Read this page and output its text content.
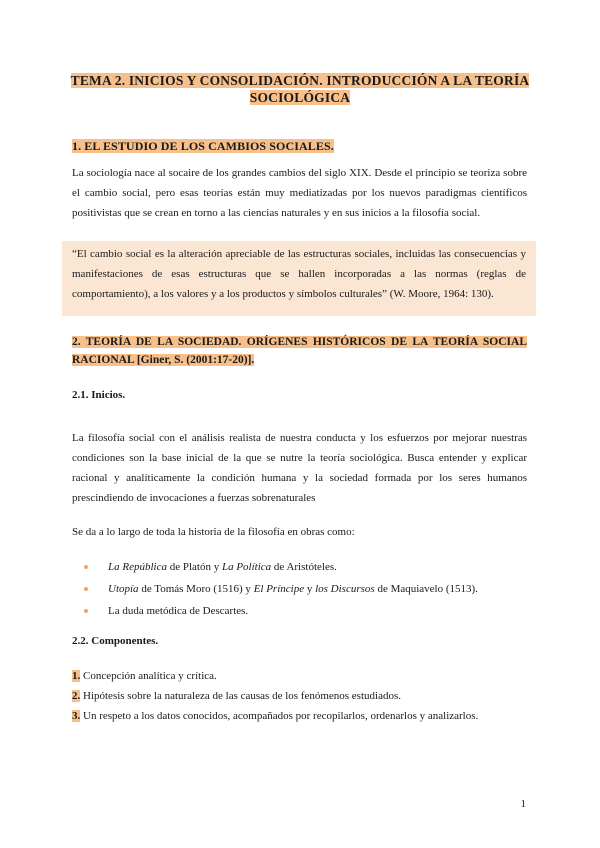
TEMA 2. INICIOS Y CONSOLIDACIÓN. INTRODUCCIÓN A LA TEORÍA
SOCIOLÓGICA
1. EL ESTUDIO DE LOS CAMBIOS SOCIALES.
La sociología nace al socaire de los grandes cambios del siglo XIX. Desde el principio se teoriza sobre el cambio social, pero esas teorías están muy mediatizadas por los nuevos paradigmas científicos positivistas que se crean en torno a las ciencias naturales y en sus inicios a la filosofía social.
“El cambio social es la alteración apreciable de las estructuras sociales, incluidas las consecuencias y manifestaciones de esas estructuras que se hallen incorporadas a las normas (reglas de comportamiento), a los valores y a los productos y símbolos culturales” (W. Moore, 1964: 130).
2. TEORÍA DE LA SOCIEDAD. ORÍGENES HISTÓRICOS DE LA TEORÍA SOCIAL RACIONAL [Giner, S. (2001:17-20)].
2.1. Inicios.
La filosofía social con el análisis realista de nuestra conducta y los esfuerzos por mejorar nuestras condiciones son la base inicial de la que se nutre la teoría sociológica. Busca entender y explicar racional y analíticamente la condición humana y la sociedad formada por los seres humanos prescindiendo de invocaciones a fuerzas sobrenaturales
Se da a lo largo de toda la historia de la filosofía en obras como:
La República de Platón y La Política de Aristóteles.
Utopía de Tomás Moro (1516) y El Príncipe y los Discursos de Maquiavelo (1513).
La duda metódica de Descartes.
2.2. Componentes.
1. Concepción analítica y crítica.
2. Hipótesis sobre la naturaleza de las causas de los fenómenos estudiados.
3. Un respeto a los datos conocidos, acompañados por recopilarlos, ordenarlos y analizarlos.
1
